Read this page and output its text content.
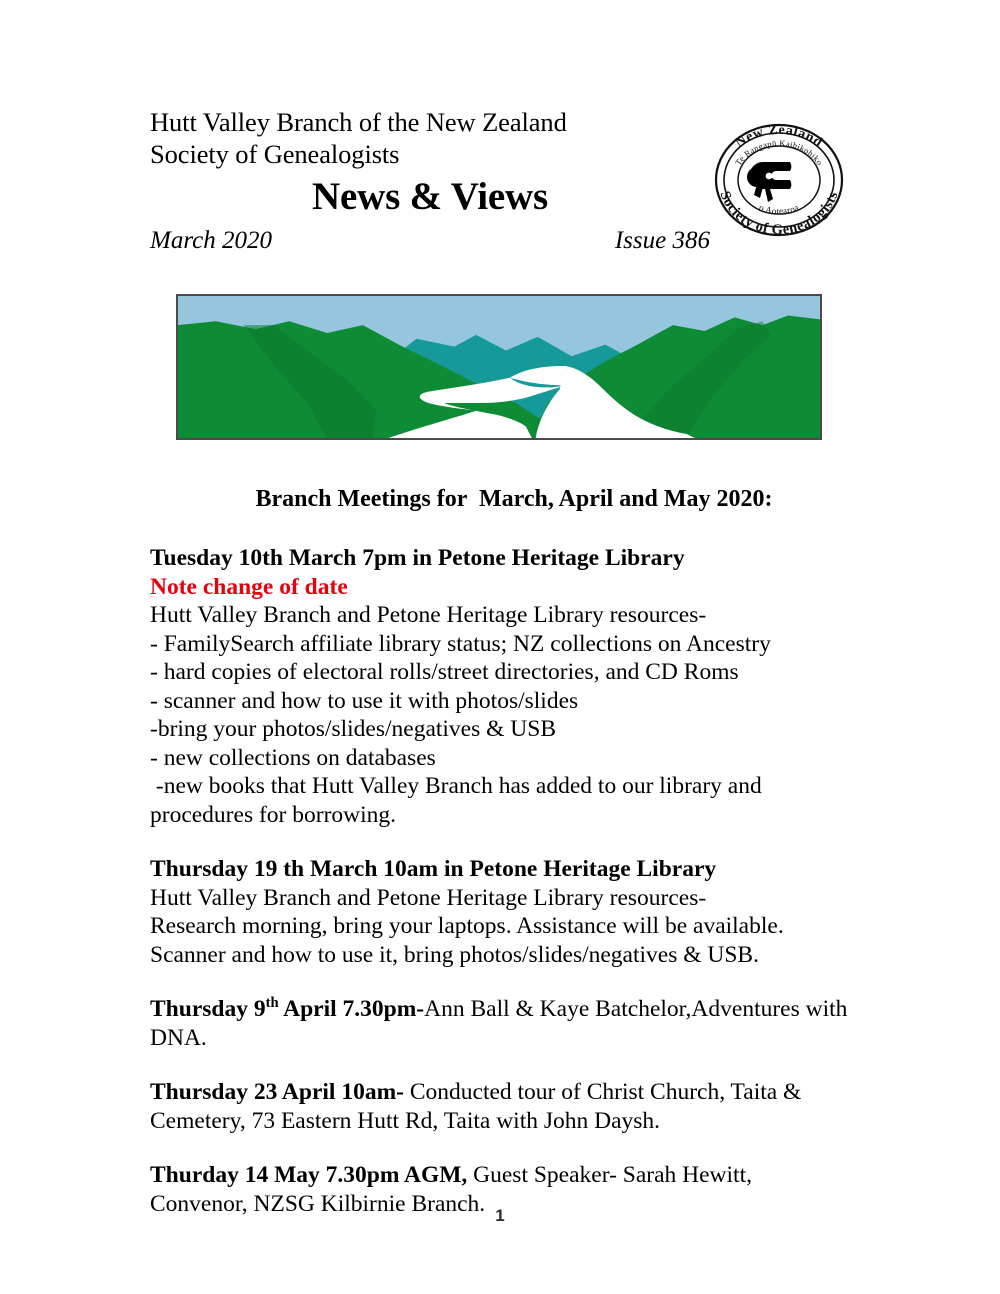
Hutt Valley Branch of the New Zealand
Society of Genealogists
News & Views
March 2020	Issue 386
New Zealand
Society of Genealogists
Te Rangapū Kaihikohiko
o Aotearoa
Branch Meetings for  March, April and May 2020:

Tuesday 10th March 7pm in Petone Heritage Library

Note change of date

Hutt Valley Branch and Petone Heritage Library resources-

- FamilySearch affiliate library status; NZ collections on Ancestry

- hard copies of electoral rolls/street directories, and CD Roms

- scanner and how to use it with photos/slides

-bring your photos/slides/negatives & USB

- new collections on databases

-new books that Hutt Valley Branch has added to our library and

procedures for borrowing.

Thursday 19 th March 10am in Petone Heritage Library

Hutt Valley Branch and Petone Heritage Library resources-

Research morning, bring your laptops. Assistance will be available.

Scanner and how to use it, bring photos/slides/negatives & USB.

Thursday 9th April 7.30pm-Ann Ball & Kaye Batchelor,Adventures with DNA.

Thursday 23 April 10am- Conducted tour of Christ Church, Taita & Cemetery, 73 Eastern Hutt Rd, Taita with John Daysh.

Thurday 14 May 7.30pm AGM, Guest Speaker- Sarah Hewitt, Convenor, NZSG Kilbirnie Branch. 1
